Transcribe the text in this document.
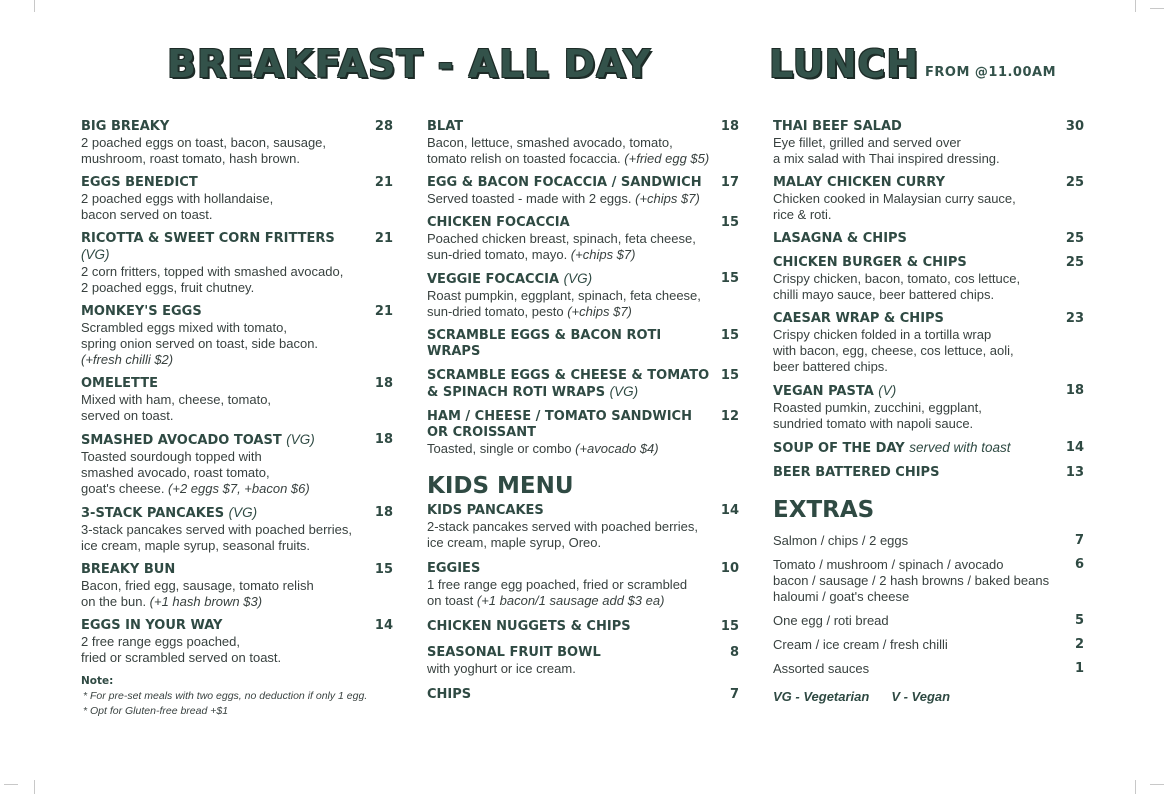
BREAKFAST - ALL DAY	LUNCH FROM @11.00AM
BIG BREAKY	28
2 poached eggs on toast, bacon, sausage,
mushroom, roast tomato, hash brown.
EGGS BENEDICT	21
2 poached eggs with hollandaise,
bacon served on toast.
RICOTTA & SWEET CORN FRITTERS (VG)
21
2 corn fritters, topped with smashed avocado,
2 poached eggs, fruit chutney.
MONKEY'S EGGS	21
Scrambled eggs mixed with tomato,
spring onion served on toast, side bacon.
(+fresh chilli $2)
OMELETTE	18
Mixed with ham, cheese, tomato,
served on toast.
SMASHED AVOCADO TOAST (VG)	18
Toasted sourdough topped with
smashed avocado, roast tomato,
goat's cheese. (+2 eggs $7, +bacon $6)
3-STACK PANCAKES (VG)	18
3-stack pancakes served with poached berries,
ice cream, maple syrup, seasonal fruits.
BREAKY BUN	15
Bacon, fried egg, sausage, tomato relish
on the bun. (+1 hash brown $3)
EGGS IN YOUR WAY	14
2 free range eggs poached,
fried or scrambled served on toast.
Note:
* For pre-set meals with two eggs, no deduction if only 1 egg.
* Opt for Gluten-free bread +$1
BLAT	18
Bacon, lettuce, smashed avocado, tomato,
tomato relish on toasted focaccia. (+fried egg $5)
EGG & BACON FOCACCIA / SANDWICH	17
Served toasted - made with 2 eggs. (+chips $7)
CHICKEN FOCACCIA	15
Poached chicken breast, spinach, feta cheese,
sun-dried tomato, mayo. (+chips $7)
VEGGIE FOCACCIA (VG)	15
Roast pumpkin, eggplant, spinach, feta cheese,
sun-dried tomato, pesto (+chips $7)
SCRAMBLE EGGS & BACON ROTI WRAPS
15
SCRAMBLE EGGS & CHEESE & TOMATO
& SPINACH ROTI WRAPS (VG)
15
HAM / CHEESE / TOMATO SANDWICH
OR CROISSANT
12
Toasted, single or combo (+avocado $4)
KIDS MENU
KIDS PANCAKES	14
2-stack pancakes served with poached berries,
ice cream, maple syrup, Oreo.
EGGIES	10
1 free range egg poached, fried or scrambled
on toast (+1 bacon/1 sausage add $3 ea)
CHICKEN NUGGETS & CHIPS	15
SEASONAL FRUIT BOWL	8
with yoghurt or ice cream.
CHIPS	7
THAI BEEF SALAD	30
Eye fillet, grilled and served over
a mix salad with Thai inspired dressing.
MALAY CHICKEN CURRY	25
Chicken cooked in Malaysian curry sauce,
rice & roti.
LASAGNA & CHIPS	25
CHICKEN BURGER & CHIPS	25
Crispy chicken, bacon, tomato, cos lettuce,
chilli mayo sauce, beer battered chips.
CAESAR WRAP & CHIPS	23
Crispy chicken folded in a tortilla wrap
with bacon, egg, cheese, cos lettuce, aoli,
beer battered chips.
VEGAN PASTA (V)	18
Roasted pumkin, zucchini, eggplant,
sundried tomato with napoli sauce.
SOUP OF THE DAY served with toast	14
BEER BATTERED CHIPS	13
EXTRAS
Salmon / chips / 2 eggs	7
Tomato / mushroom / spinach / avocado
bacon / sausage / 2 hash browns / baked beans
haloumi / goat's cheese
6
One egg / roti bread	5
Cream / ice cream / fresh chilli	2
Assorted sauces	1
VG - Vegetarian V - Vegan
